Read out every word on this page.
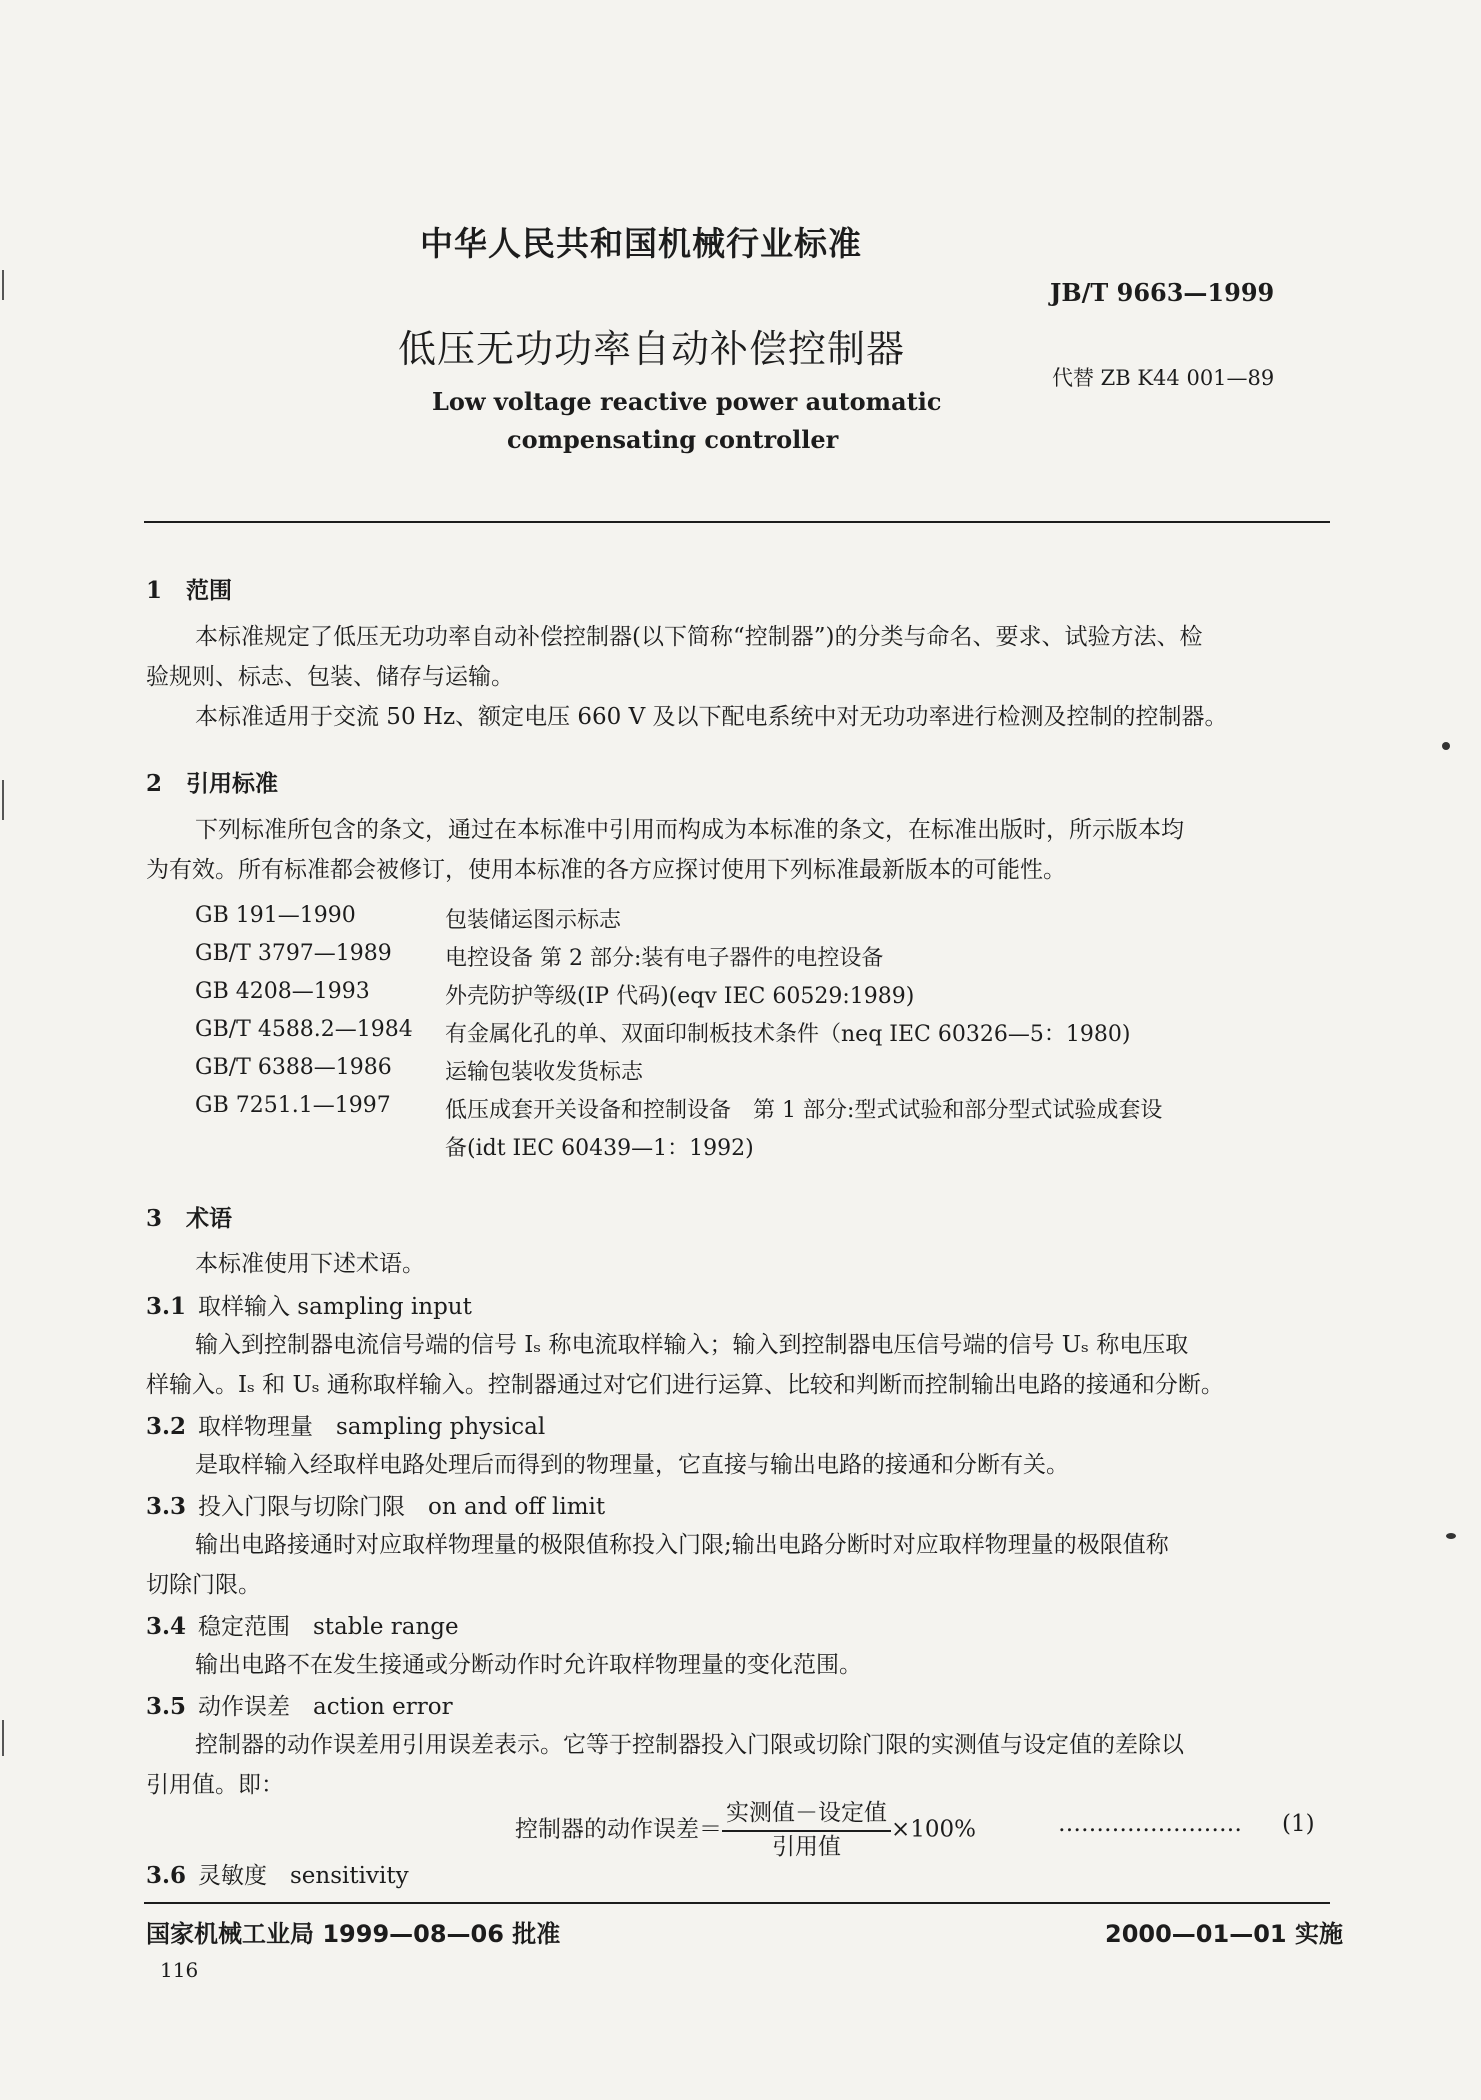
中华人民共和国机械行业标准
JB/T 9663—1999
低压无功功率自动补偿控制器
代替 ZB K44 001—89
Low voltage reactive power automatic
compensating controller
1 范围
本标准规定了低压无功功率自动补偿控制器(以下简称“控制器”)的分类与命名、要求、试验方法、检
验规则、标志、包装、储存与运输。
本标准适用于交流 50 Hz、额定电压 660 V 及以下配电系统中对无功功率进行检测及控制的控制器。
2 引用标准
下列标准所包含的条文，通过在本标准中引用而构成为本标准的条文，在标准出版时，所示版本均
为有效。所有标准都会被修订，使用本标准的各方应探讨使用下列标准最新版本的可能性。
GB 191—1990	包装储运图示标志
GB/T 3797—1989 电控设备 第 2 部分:装有电子器件的电控设备
GB 4208—1993	外壳防护等级(IP 代码)(eqv IEC 60529:1989)
GB/T 4588.2—1984 有金属化孔的单、双面印制板技术条件（neq IEC 60326—5：1980)
GB/T 6388—1986 运输包装收发货标志
GB 7251.1—1997 低压成套开关设备和控制设备　第 1 部分:型式试验和部分型式试验成套设
备(idt IEC 60439—1：1992)
3 术语
本标准使用下述术语。
3.1 取样输入 sampling input
输入到控制器电流信号端的信号 Iₛ 称电流取样输入；输入到控制器电压信号端的信号 Uₛ 称电压取
样输入。Iₛ 和 Uₛ 通称取样输入。控制器通过对它们进行运算、比较和判断而控制输出电路的接通和分断。
3.2 取样物理量　sampling physical
是取样输入经取样电路处理后而得到的物理量，它直接与输出电路的接通和分断有关。
3.3 投入门限与切除门限　on and off limit
输出电路接通时对应取样物理量的极限值称投入门限;输出电路分断时对应取样物理量的极限值称
切除门限。
3.4 稳定范围　stable range
输出电路不在发生接通或分断动作时允许取样物理量的变化范围。
3.5 动作误差　action error
控制器的动作误差用引用误差表示。它等于控制器投入门限或切除门限的实测值与设定值的差除以
引用值。即：
控制器的动作误差＝ $\frac{\text{实测值－设定值}}{\text{引用值}} \times 100\%$	…………………… (1)
3.6 灵敏度　sensitivity
国家机械工业局 1999—08—06 批准	2000—01—01 实施
116
